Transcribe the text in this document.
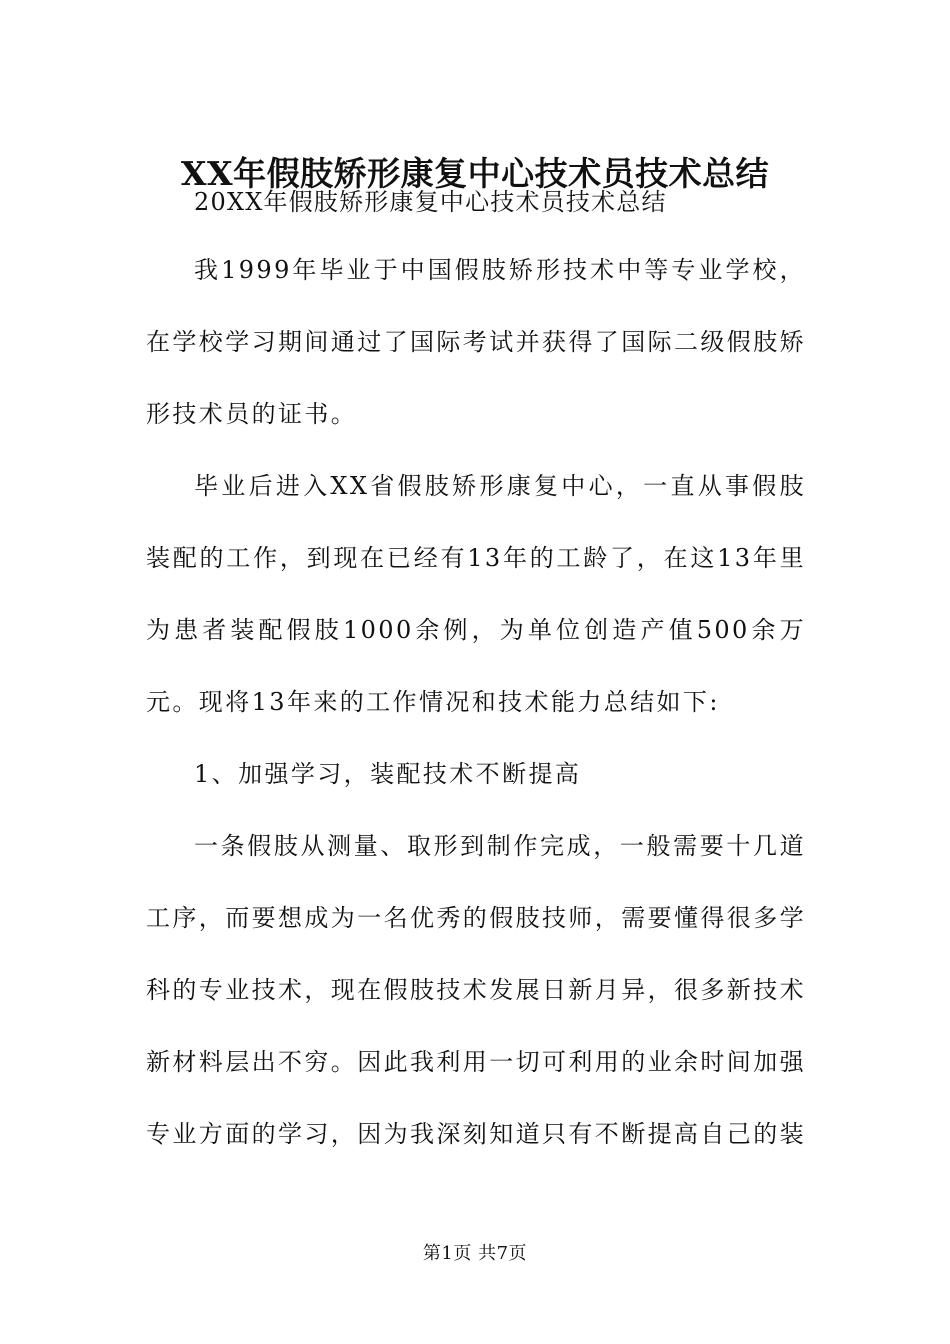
XX年假肢矫形康复中心技术员技术总结

20XX年假肢矫形康复中心技术员技术总结

我1999年毕业于中国假肢矫形技术中等专业学校，在学校学习期间通过了国际考试并获得了国际二级假肢矫形技术员的证书。

毕业后进入XX省假肢矫形康复中心，一直从事假肢装配的工作，到现在已经有13年的工龄了，在这13年里为患者装配假肢1000余例，为单位创造产值500余万元。现将13年来的工作情况和技术能力总结如下:

1、加强学习，装配技术不断提高

一条假肢从测量、取形到制作完成，一般需要十几道工序，而要想成为一名优秀的假肢技师，需要懂得很多学科的专业技术，现在假肢技术发展日新月异，很多新技术新材料层出不穷。因此我利用一切可利用的业余时间加强专业方面的学习，因为我深刻知道只有不断提高自己的装

第1页 共7页
